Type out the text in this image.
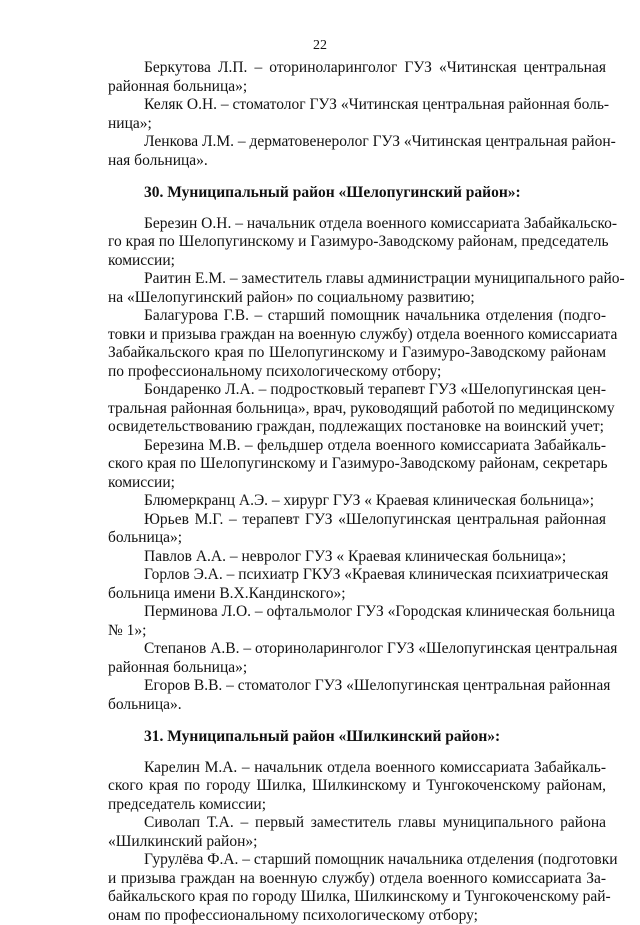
22
Беркутова Л.П. – оториноларинголог ГУЗ «Читинская центральная
районная больница»;
Келяк О.Н. – стоматолог ГУЗ «Читинская центральная районная боль-
ница»;
Ленкова Л.М. – дерматовенеролог ГУЗ «Читинская центральная район-
ная больница».
30. Муниципальный район «Шелопугинский район»:
Березин О.Н. – начальник отдела военного комиссариата Забайкальско-
го края по Шелопугинскому и Газимуро-Заводскому районам, председатель
комиссии;
Раитин Е.М. – заместитель главы администрации муниципального райо-
на «Шелопугинский район» по социальному развитию;
Балагурова Г.В. – старший помощник начальника отделения (подго-
товки и призыва граждан на военную службу) отдела военного комиссариата
Забайкальского края по Шелопугинскому и Газимуро-Заводскому районам
по профессиональному психологическому отбору;
Бондаренко Л.А. – подростковый терапевт ГУЗ «Шелопугинская цен-
тральная районная больница», врач, руководящий работой по медицинскому
освидетельствованию граждан, подлежащих постановке на воинский учет;
Березина М.В. – фельдшер отдела военного комиссариата Забайкаль-
ского края по Шелопугинскому и Газимуро-Заводскому районам, секретарь
комиссии;
Блюмеркранц А.Э. – хирург ГУЗ « Краевая клиническая больница»;
Юрьев М.Г. – терапевт ГУЗ «Шелопугинская центральная районная
больница»;
Павлов А.А. – невролог ГУЗ « Краевая клиническая больница»;
Горлов Э.А. – психиатр ГКУЗ «Краевая клиническая психиатрическая
больница имени В.Х.Кандинского»;
Перминова Л.О. – офтальмолог ГУЗ «Городская клиническая больница
№ 1»;
Степанов А.В. – оториноларинголог ГУЗ «Шелопугинская центральная
районная больница»;
Егоров В.В. – стоматолог ГУЗ «Шелопугинская центральная районная
больница».
31. Муниципальный район «Шилкинский район»:
Карелин М.А. – начальник отдела военного комиссариата Забайкаль-
ского края по городу Шилка, Шилкинскому и Тунгокоченскому районам,
председатель комиссии;
Сиволап Т.А. – первый заместитель главы муниципального района
«Шилкинский район»;
Гурулёва Ф.А. – старший помощник начальника отделения (подготовки
и призыва граждан на военную службу) отдела военного комиссариата За-
байкальского края по городу Шилка, Шилкинскому и Тунгокоченскому рай-
онам по профессиональному психологическому отбору;
